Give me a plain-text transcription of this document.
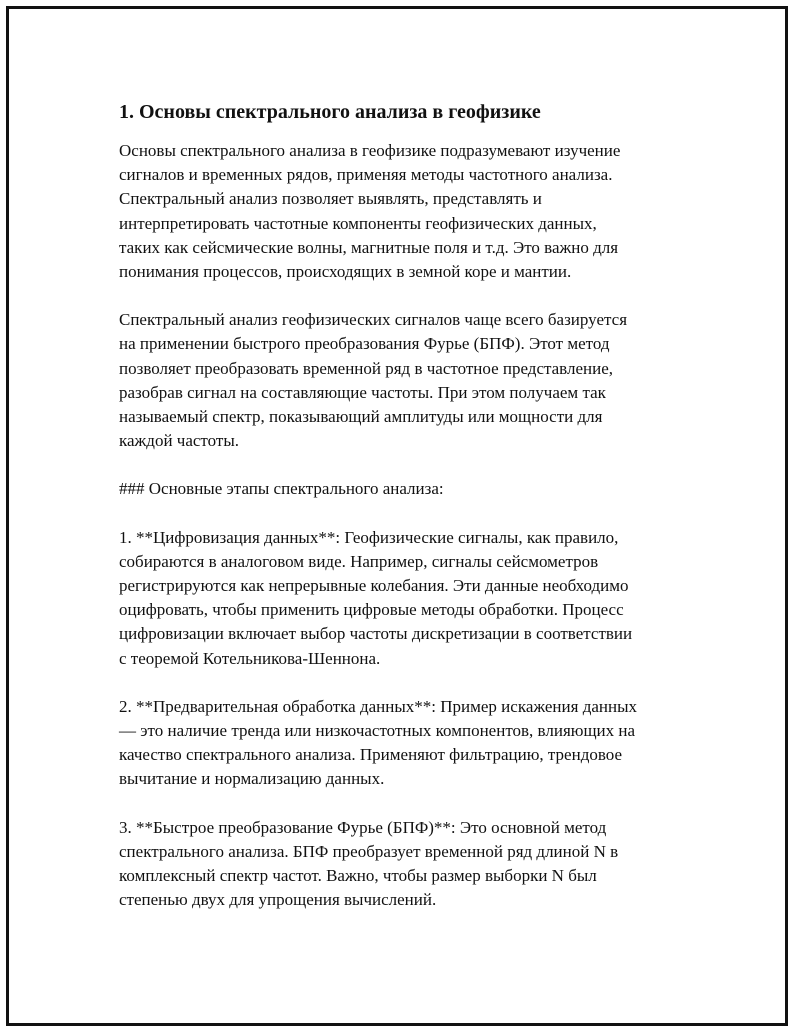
1. Основы спектрального анализа в геофизике

Основы спектрального анализа в геофизике подразумевают изучение
сигналов и временных рядов, применяя методы частотного анализа.
Спектральный анализ позволяет выявлять, представлять и
интерпретировать частотные компоненты геофизических данных,
таких как сейсмические волны, магнитные поля и т.д. Это важно для
понимания процессов, происходящих в земной коре и мантии.

Спектральный анализ геофизических сигналов чаще всего базируется
на применении быстрого преобразования Фурье (БПФ). Этот метод
позволяет преобразовать временной ряд в частотное представление,
разобрав сигнал на составляющие частоты. При этом получаем так
называемый спектр, показывающий амплитуды или мощности для
каждой частоты.

### Основные этапы спектрального анализа:

1. **Цифровизация данных**: Геофизические сигналы, как правило,
собираются в аналоговом виде. Например, сигналы сейсмометров
регистрируются как непрерывные колебания. Эти данные необходимо
оцифровать, чтобы применить цифровые методы обработки. Процесс
цифровизации включает выбор частоты дискретизации в соответствии
с теоремой Котельникова-Шеннона.

2. **Предварительная обработка данных**: Пример искажения данных
— это наличие тренда или низкочастотных компонентов, влияющих на
качество спектрального анализа. Применяют фильтрацию, трендовое
вычитание и нормализацию данных.

3. **Быстрое преобразование Фурье (БПФ)**: Это основной метод
спектрального анализа. БПФ преобразует временной ряд длиной N в
комплексный спектр частот. Важно, чтобы размер выборки N был
степенью двух для упрощения вычислений.
